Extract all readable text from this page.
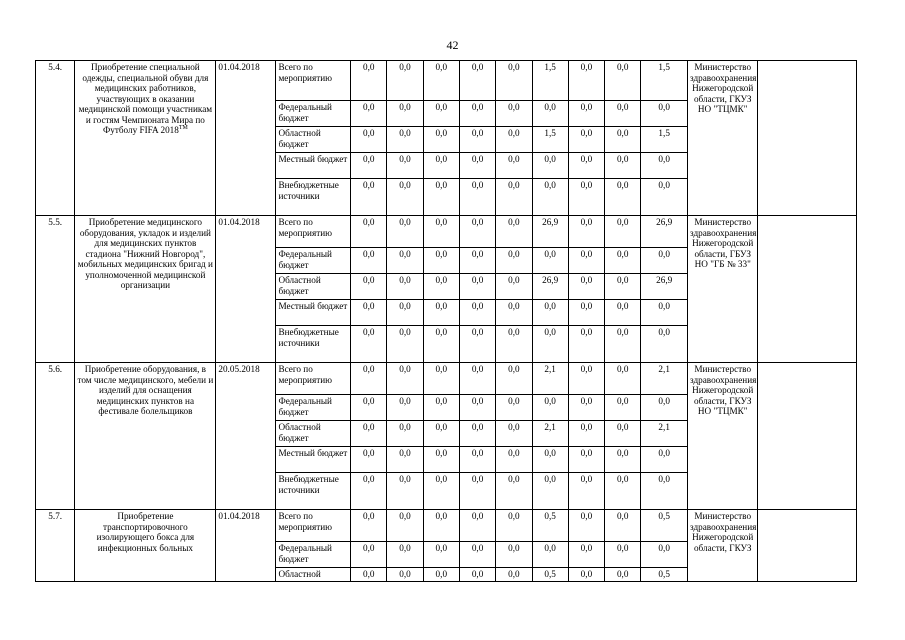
42
5.4.	Приобретение специальной одежды, специальной обуви для медицинских работников, участвующих в оказании медицинской помощи участникам и гостям Чемпионата Мира по Футболу FIFA $2018^{ТМ}$	01.04.2018	Всего по мероприятию	0,0	0,0	0,0	0,0	0,0	1,5	0,0	0,0	1,5	Министерство здравоохранения Нижегородской области, ГКУЗ НО "ТЦМК"	
			Федеральный бюджет	0,0	0,0	0,0	0,0	0,0	0,0	0,0	0,0	0,0		
			Областной бюджет	0,0	0,0	0,0	0,0	0,0	1,5	0,0	0,0	1,5		
			Местный бюджет	0,0	0,0	0,0	0,0	0,0	0,0	0,0	0,0	0,0		
			Внебюджетные источники	0,0	0,0	0,0	0,0	0,0	0,0	0,0	0,0	0,0		
5.5.	Приобретение медицинского оборудования, укладок и изделий для медицинских пунктов стадиона "Нижний Новгород", мобильных медицинских бригад и уполномоченной медицинской организации	01.04.2018	Всего по мероприятию	0,0	0,0	0,0	0,0	0,0	26,9	0,0	0,0	26,9	Министерство здравоохранения Нижегородской области, ГБУЗ НО "ГБ № 33"	
			Федеральный бюджет	0,0	0,0	0,0	0,0	0,0	0,0	0,0	0,0	0,0		
			Областной бюджет	0,0	0,0	0,0	0,0	0,0	26,9	0,0	0,0	26,9		
			Местный бюджет	0,0	0,0	0,0	0,0	0,0	0,0	0,0	0,0	0,0		
			Внебюджетные источники	0,0	0,0	0,0	0,0	0,0	0,0	0,0	0,0	0,0		
5.6.	Приобретение оборудования, в том числе медицинского, мебели и изделий для оснащения медицинских пунктов на фестивале болельщиков	20.05.2018	Всего по мероприятию	0,0	0,0	0,0	0,0	0,0	2,1	0,0	0,0	2,1	Министерство здравоохранения Нижегородской области, ГКУЗ НО "ТЦМК"	
			Федеральный бюджет	0,0	0,0	0,0	0,0	0,0	0,0	0,0	0,0	0,0		
			Областной бюджет	0,0	0,0	0,0	0,0	0,0	2,1	0,0	0,0	2,1		
			Местный бюджет	0,0	0,0	0,0	0,0	0,0	0,0	0,0	0,0	0,0		
			Внебюджетные источники	0,0	0,0	0,0	0,0	0,0	0,0	0,0	0,0	0,0		
5.7.	Приобретение транспортировочного изолирующего бокса для инфекционных больных	01.04.2018	Всего по мероприятию	0,0	0,0	0,0	0,0	0,0	0,5	0,0	0,0	0,5	Министерство здравоохранения Нижегородской области, ГКУЗ	
			Федеральный бюджет	0,0	0,0	0,0	0,0	0,0	0,0	0,0	0,0	0,0		
			Областной	0,0	0,0	0,0	0,0	0,0	0,5	0,0	0,0	0,5		
